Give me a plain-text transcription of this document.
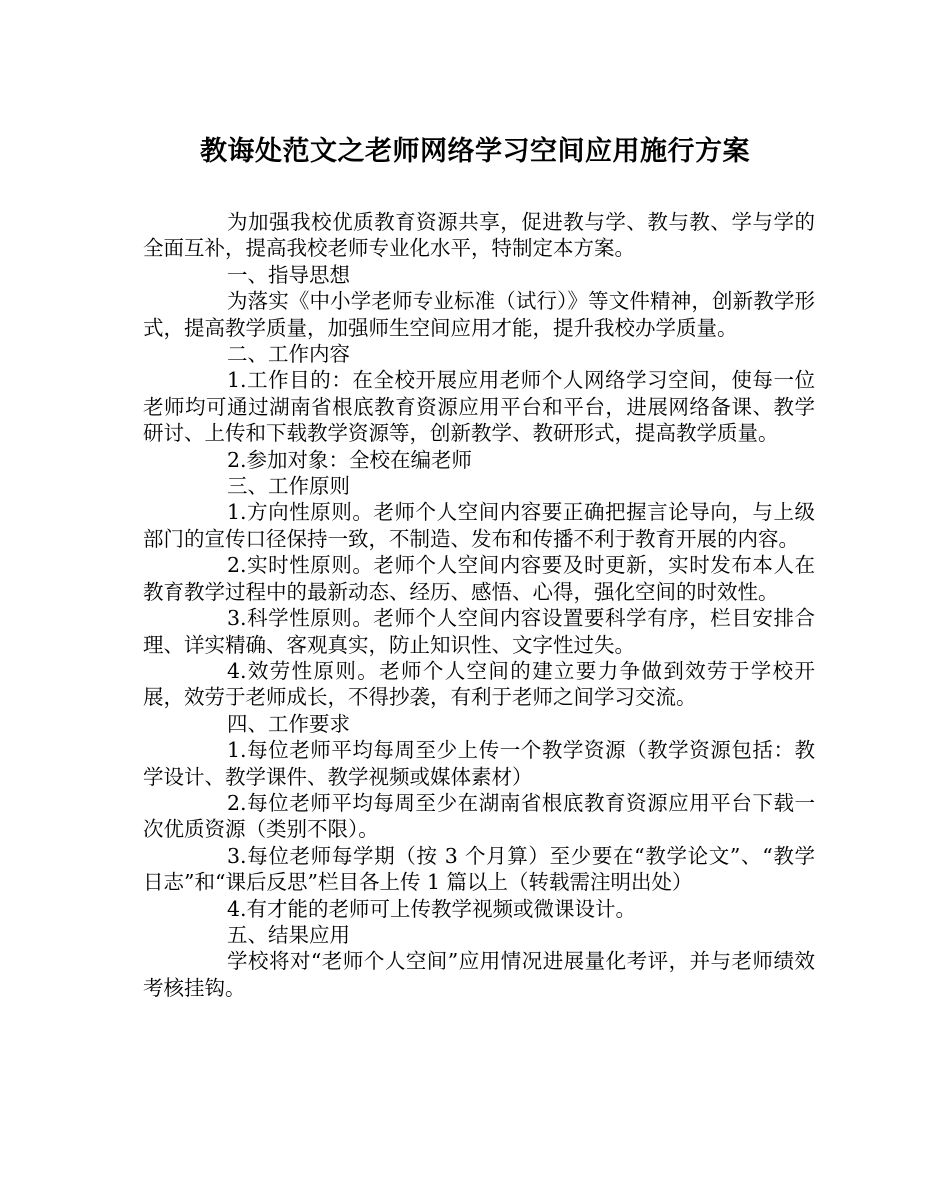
教诲处范文之老师网络学习空间应用施行方案

为加强我校优质教育资源共享，促进教与学、教与教、学与学的全面互补，提高我校老师专业化水平，特制定本方案。

一、指导思想

为落实《中小学老师专业标准（试行）》等文件精神，创新教学形式，提高教学质量，加强师生空间应用才能，提升我校办学质量。

二、工作内容

1.工作目的：在全校开展应用老师个人网络学习空间，使每一位老师均可通过湖南省根底教育资源应用平台和平台，进展网络备课、教学研讨、上传和下载教学资源等，创新教学、教研形式，提高教学质量。

2.参加对象：全校在编老师

三、工作原则

1.方向性原则。老师个人空间内容要正确把握言论导向，与上级部门的宣传口径保持一致，不制造、发布和传播不利于教育开展的内容。

2.实时性原则。老师个人空间内容要及时更新，实时发布本人在教育教学过程中的最新动态、经历、感悟、心得，强化空间的时效性。

3.科学性原则。老师个人空间内容设置要科学有序，栏目安排合理、详实精确、客观真实，防止知识性、文字性过失。

4.效劳性原则。老师个人空间的建立要力争做到效劳于学校开展，效劳于老师成长，不得抄袭，有利于老师之间学习交流。

四、工作要求

1.每位老师平均每周至少上传一个教学资源（教学资源包括：教学设计、教学课件、教学视频或媒体素材）

2.每位老师平均每周至少在湖南省根底教育资源应用平台下载一次优质资源（类别不限）。

3.每位老师每学期（按 3 个月算）至少要在“教学论文”、“教学日志”和“课后反思”栏目各上传 1 篇以上（转载需注明出处）

4.有才能的老师可上传教学视频或微课设计。

五、结果应用

学校将对“老师个人空间”应用情况进展量化考评，并与老师绩效考核挂钩。
